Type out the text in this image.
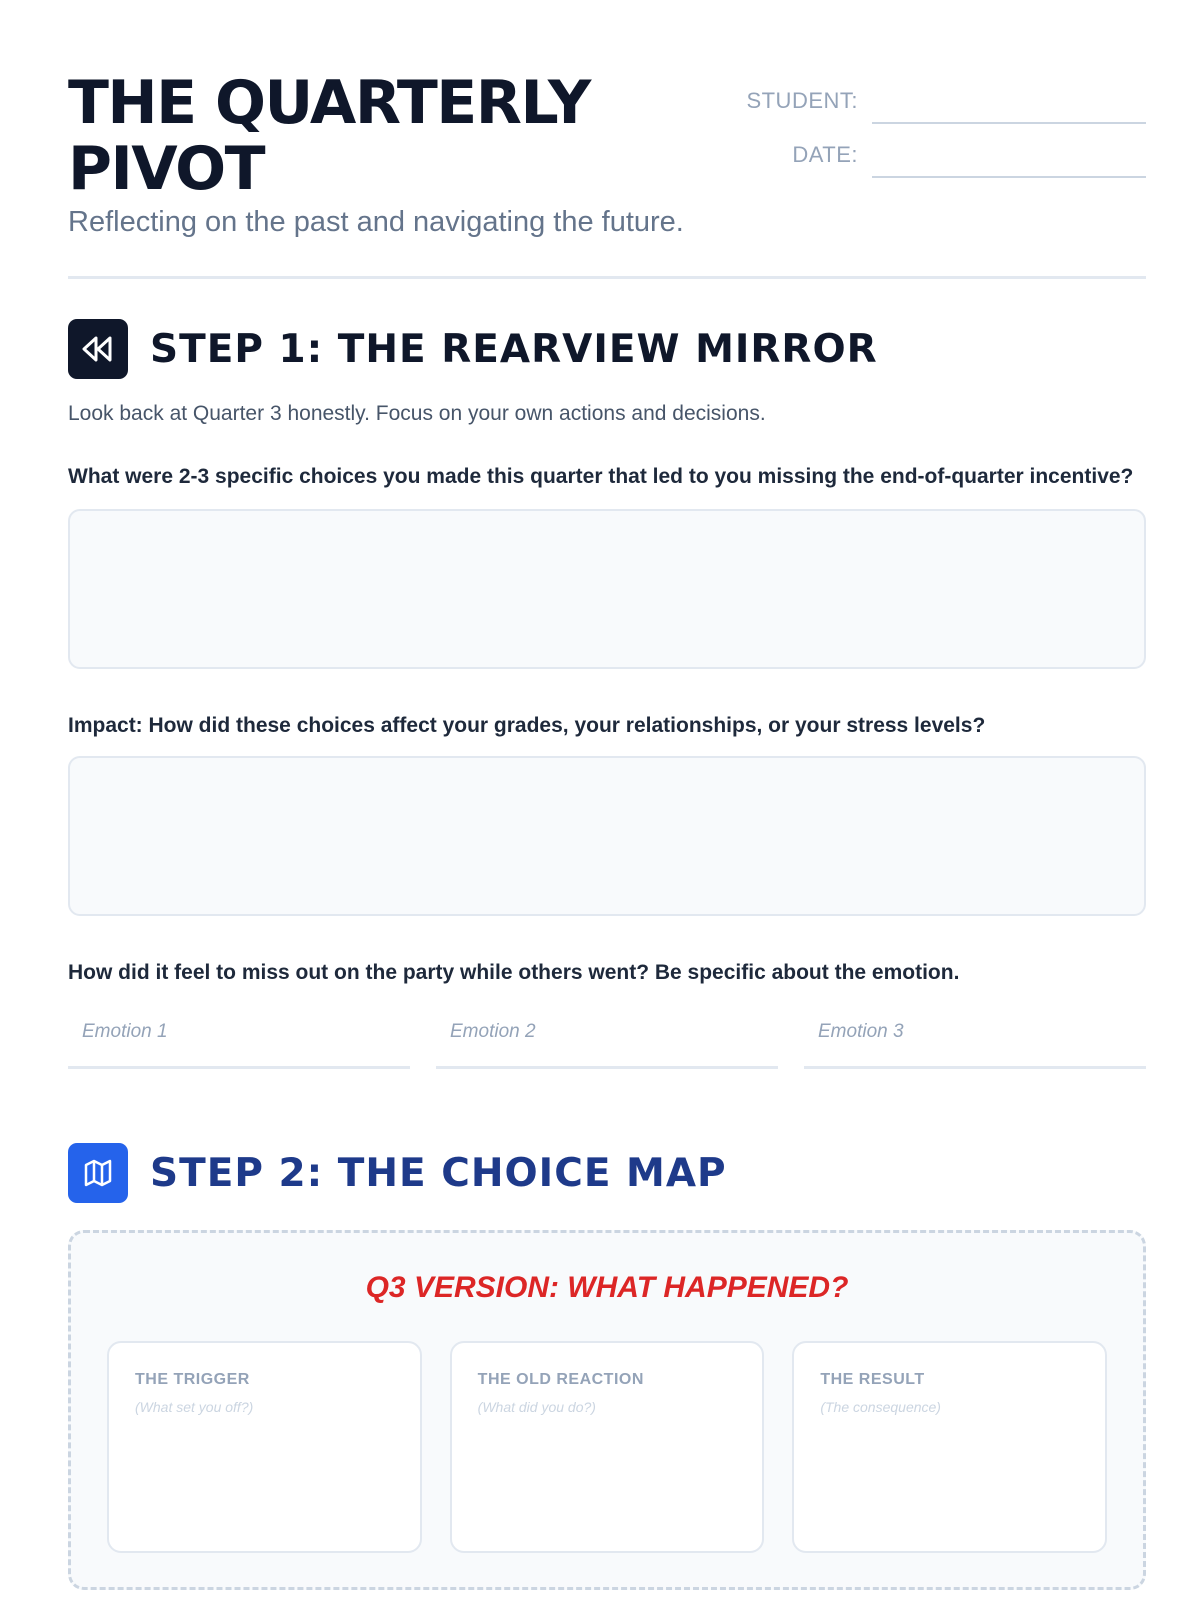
THE QUARTERLY PIVOT

Reflecting on the past and navigating the future.

STUDENT:
DATE:
STEP 1: THE REARVIEW MIRROR

Look back at Quarter 3 honestly. Focus on your own actions and decisions.

What were 2-3 specific choices you made this quarter that led to you missing the end-of-quarter incentive?

Impact: How did these choices affect your grades, your relationships, or your stress levels?

How did it feel to miss out on the party while others went? Be specific about the emotion.

Emotion 1	Emotion 2	Emotion 3
STEP 2: THE CHOICE MAP
Q3 VERSION: WHAT HAPPENED?
THE TRIGGER
(What set you off?)
THE OLD REACTION
(What did you do?)
THE RESULT
(The consequence)
